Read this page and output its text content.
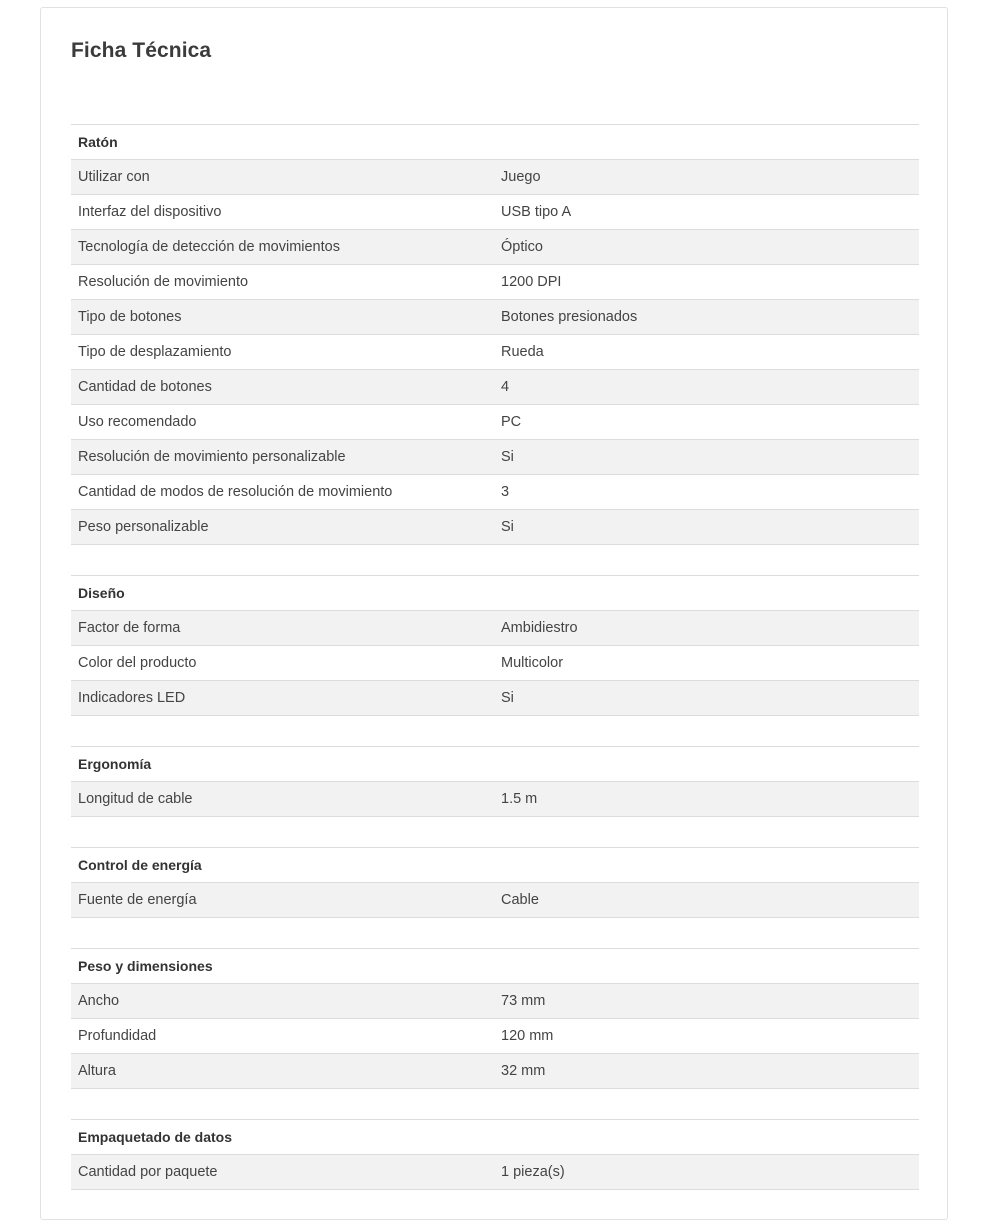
Ficha Técnica
Ratón
Utilizar con	Juego
Interfaz del dispositivo	USB tipo A
Tecnología de detección de movimientos	Óptico
Resolución de movimiento	1200 DPI
Tipo de botones	Botones presionados
Tipo de desplazamiento	Rueda
Cantidad de botones	4
Uso recomendado	PC
Resolución de movimiento personalizable	Si
Cantidad de modos de resolución de movimiento	3
Peso personalizable	Si
Diseño
Factor de forma	Ambidiestro
Color del producto	Multicolor
Indicadores LED	Si
Ergonomía
Longitud de cable	1.5 m
Control de energía
Fuente de energía	Cable
Peso y dimensiones
Ancho	73 mm
Profundidad	120 mm
Altura	32 mm
Empaquetado de datos
Cantidad por paquete	1 pieza(s)
